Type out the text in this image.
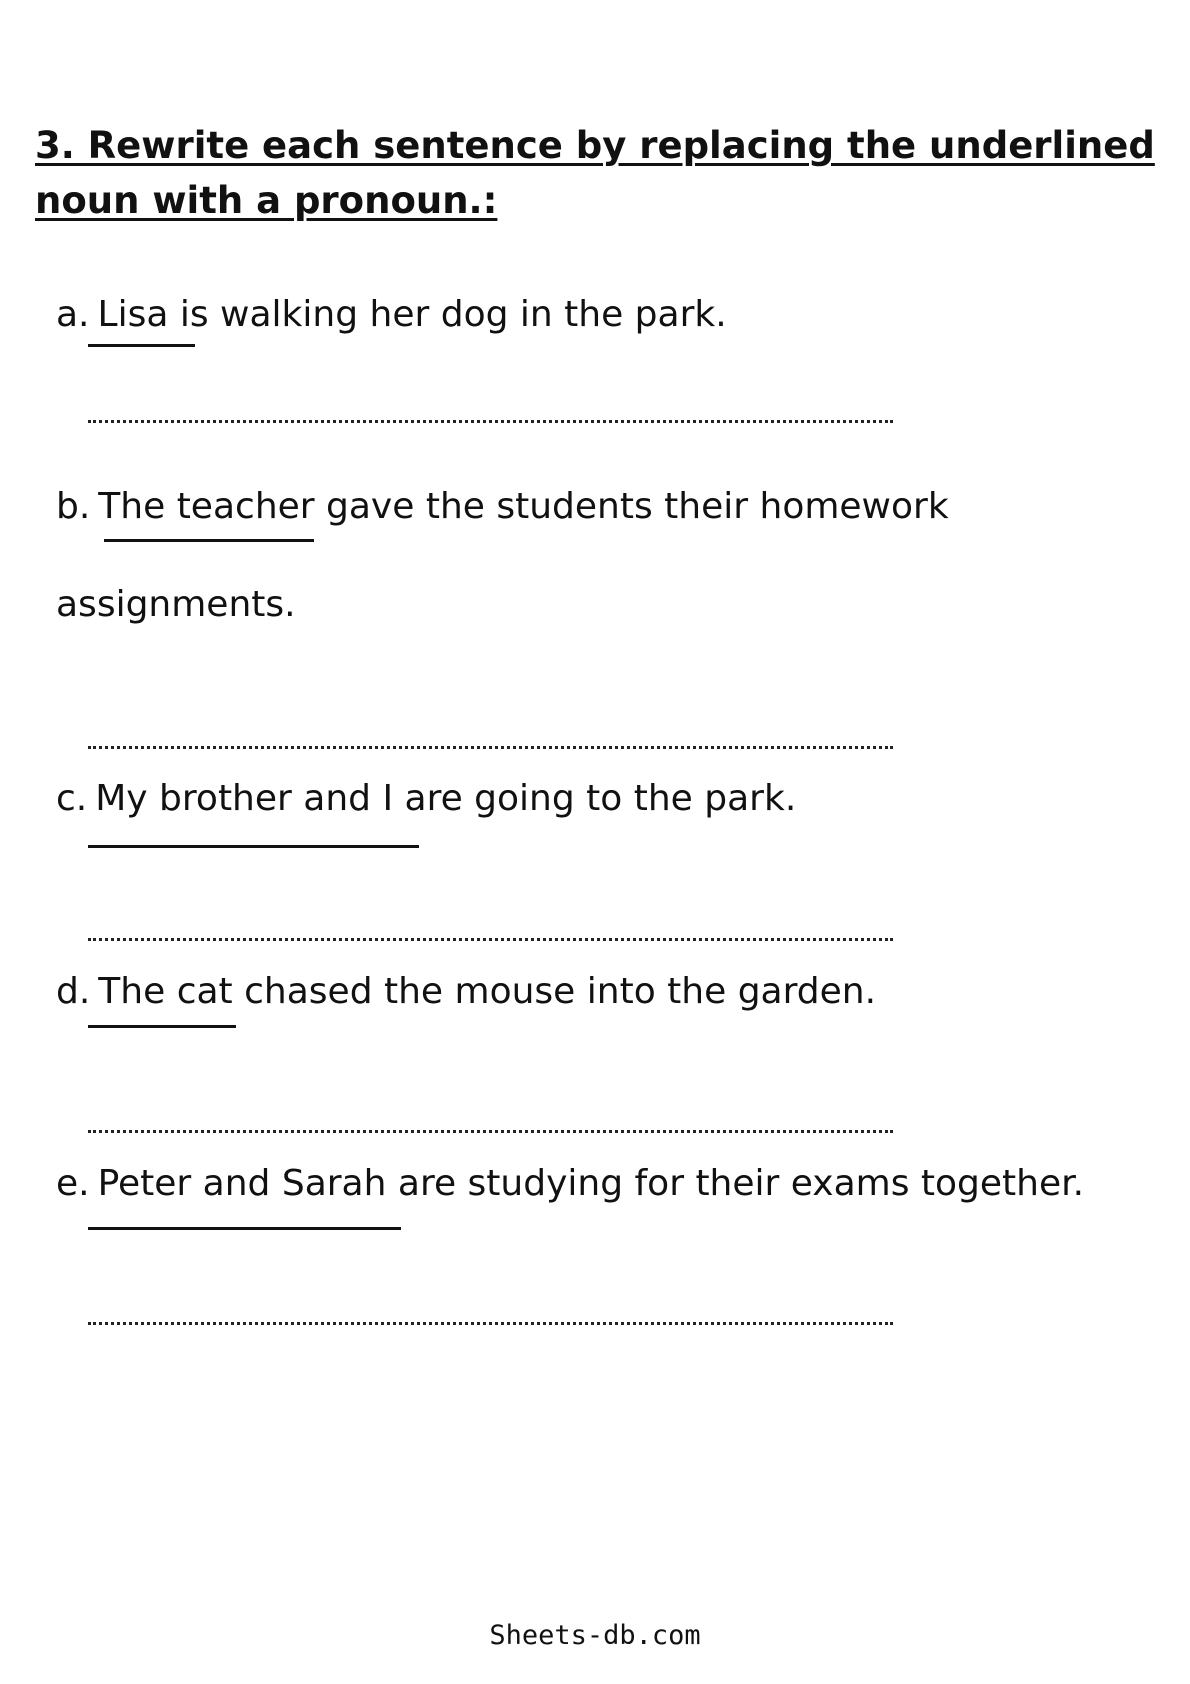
3. Rewrite each sentence by replacing the underlined
noun with a pronoun.:
a. Lisa is walking her dog in the park.
b. The teacher gave the students their homework
assignments.
c. My brother and I are going to the park.
d. The cat chased the mouse into the garden.
e. Peter and Sarah are studying for their exams together.
Sheets-db.com
